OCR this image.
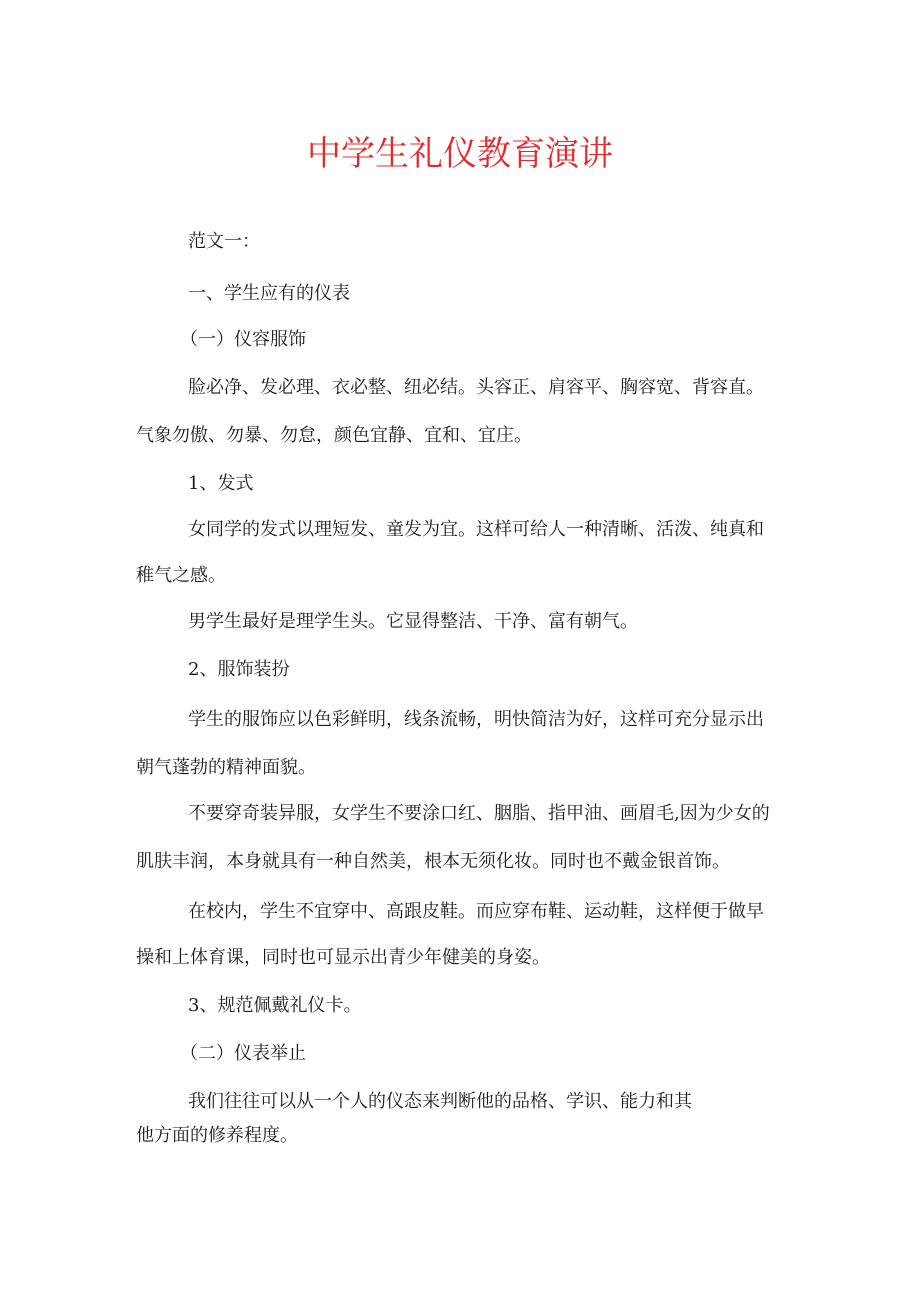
中学生礼仪教育演讲

范文一：

一、学生应有的仪表

（一）仪容服饰

脸必净、发必理、衣必整、纽必结。头容正、肩容平、胸容宽、背容直。

气象勿傲、勿暴、勿怠，颜色宜静、宜和、宜庄。

1、发式

女同学的发式以理短发、童发为宜。这样可给人一种清晰、活泼、纯真和

稚气之感。

男学生最好是理学生头。它显得整洁、干净、富有朝气。

2、服饰装扮

学生的服饰应以色彩鲜明，线条流畅，明快简洁为好，这样可充分显示出

朝气蓬勃的精神面貌。

不要穿奇装异服，女学生不要涂口红、胭脂、指甲油、画眉毛,因为少女的

肌肤丰润，本身就具有一种自然美，根本无须化妆。同时也不戴金银首饰。

在校内，学生不宜穿中、高跟皮鞋。而应穿布鞋、运动鞋，这样便于做早

操和上体育课，同时也可显示出青少年健美的身姿。

3、规范佩戴礼仪卡。

（二）仪表举止

我们往往可以从一个人的仪态来判断他的品格、学识、能力和其

他方面的修养程度。
